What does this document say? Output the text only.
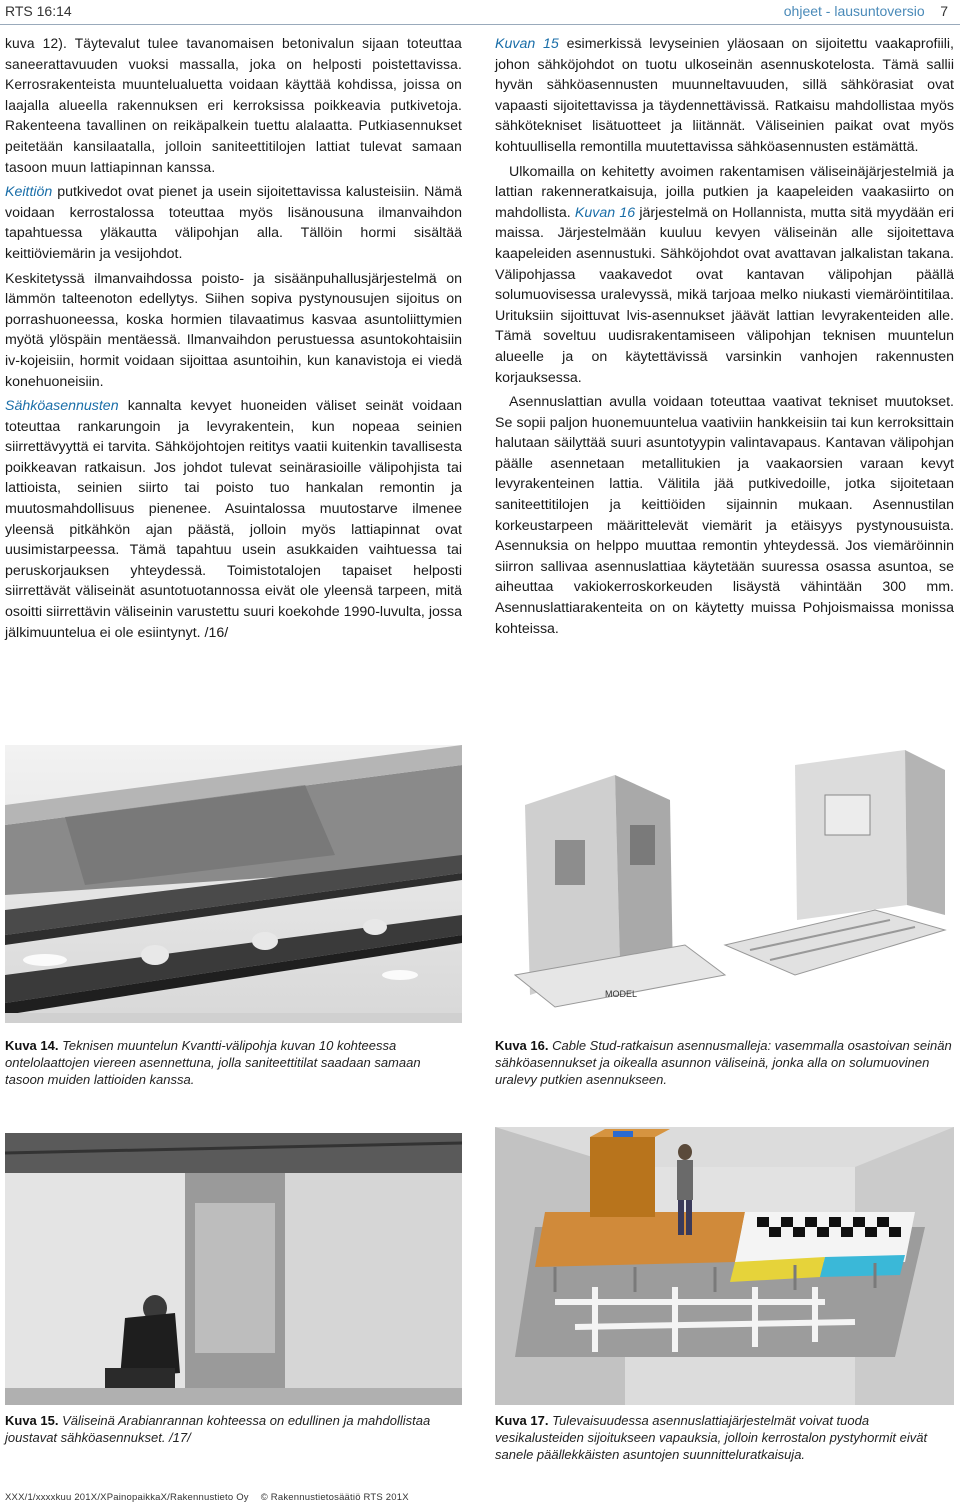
RTS 16:14	ohjeet - lausuntoversio 7

kuva 12). Täytevalut tulee tavanomaisen betonivalun sijaan toteuttaa saneerattavuuden vuoksi massalla, joka on helposti poistettavissa. Kerrosrakenteista muuntelualuetta voidaan käyttää kohdissa, joissa on laajalla alueella rakennuksen eri kerroksissa poikkeavia putkivetoja. Rakenteena tavallinen on reikäpalkein tuettu alalaatta. Putkiasennukset peitetään kansilaatalla, jolloin saniteettitilojen lattiat tulevat samaan tasoon muun lattiapinnan kanssa.

Keittiön putkivedot ovat pienet ja usein sijoitettavissa kalusteisiin. Nämä voidaan kerrostalossa toteuttaa myös lisänousuna ilmanvaihdon tapahtuessa yläkautta välipohjan alla. Tällöin hormi sisältää keittiöviemärin ja vesijohdot.

Keskitetyssä ilmanvaihdossa poisto- ja sisäänpuhallusjärjestelmä on lämmön talteenoton edellytys. Siihen sopiva pystynousujen sijoitus on porrashuoneessa, koska hormien tilavaatimus kasvaa asuntoliittymien myötä ylöspäin mentäessä. Ilmanvaihdon perustuessa asuntokohtaisiin iv-kojeisiin, hormit voidaan sijoittaa asuntoihin, kun kanavistoja ei viedä konehuoneisiin.

Sähköasennusten kannalta kevyet huoneiden väliset seinät voidaan toteuttaa rankarungoin ja levyrakentein, kun nopeaa seinien siirrettävyyttä ei tarvita. Sähköjohtojen reititys vaatii kuitenkin tavallisesta poikkeavan ratkaisun. Jos johdot tulevat seinärasioille välipohjista tai lattioista, seinien siirto tai poisto tuo hankalan remontin ja muutosmahdollisuus pienenee. Asuintalossa muutostarve ilmenee yleensä pitkähkön ajan päästä, jolloin myös lattiapinnat ovat uusimistarpeessa. Tämä tapahtuu usein asukkaiden vaihtuessa tai peruskorjauksen yhteydessä. Toimistotalojen tapaiset helposti siirrettävät väliseinät asuntotuotannossa eivät ole yleensä tarpeen, mitä osoitti siirrettävin väliseinin varustettu suuri koekohde 1990-luvulta, jossa jälkimuuntelua ei ole esiintynyt. /16/

Kuvan 15 esimerkissä levyseinien yläosaan on sijoitettu vaakaprofiili, johon sähköjohdot on tuotu ulkoseinän asennuskotelosta. Tämä sallii hyvän sähköasennusten muunneltavuuden, sillä sähkörasiat ovat vapaasti sijoitettavissa ja täydennettävissä. Ratkaisu mahdollistaa myös sähkötekniset lisätuotteet ja liitännät. Väliseinien paikat ovat myös kohtuullisella remontilla muutettavissa sähköasennusten estämättä.

Ulkomailla on kehitetty avoimen rakentamisen väliseinäjärjestelmiä ja lattian rakenneratkaisuja, joilla putkien ja kaapeleiden vaakasiirto on mahdollista. Kuvan 16 järjestelmä on Hollannista, mutta sitä myydään eri maissa. Järjestelmään kuuluu kevyen väliseinän alle sijoitettava kaapeleiden asennustuki. Sähköjohdot ovat avattavan jalkalistan takana. Välipohjassa vaakavedot ovat kantavan välipohjan päällä solumuovisessa uralevyssä, mikä tarjoaa melko niukasti viemäröintitilaa. Urituksiin sijoittuvat lvis-asennukset jäävät lattian levyrakenteiden alle. Tämä soveltuu uudisrakentamiseen välipohjan teknisen muuntelun alueelle ja on käytettävissä varsinkin vanhojen rakennusten korjauksessa.

Asennuslattian avulla voidaan toteuttaa vaativat tekniset muutokset. Se sopii paljon huonemuuntelua vaativiin hankkeisiin tai kun kerroksittain halutaan säilyttää suuri asuntotyypin valintavapaus. Kantavan välipohjan päälle asennetaan metallitukien ja vaakaorsien varaan kevyt levyrakenteinen lattia. Välitila jää putkivedoille, jotka sijoitetaan saniteettitilojen ja keittiöiden sijainnin mukaan. Asennustilan korkeustarpeen määrittelevät viemärit ja etäisyys pystynousuista. Asennuksia on helppo muuttaa remontin yhteydessä. Jos viemäröinnin siirron sallivaa asennuslattiaa käytetään suuressa osassa asuntoa, se aiheuttaa vakiokerroskorkeuden lisäystä vähintään 300 mm. Asennuslattiarakenteita on on käytetty muissa Pohjoismaissa monissa kohteissa.

MODEL
Kuva 14. Teknisen muuntelun Kvantti-välipohja kuvan 10 kohteessa ontelolaattojen viereen asennettuna, jolla saniteettitilat saadaan samaan tasoon muiden lattioiden kanssa.
Kuva 16. Cable Stud-ratkaisun asennusmalleja: vasemmalla osastoivan seinän sähköasennukset ja oikealla asunnon väliseinä, jonka alla on solumuovinen uralevy putkien asennukseen.
Kuva 15. Väliseinä Arabianrannan kohteessa on edullinen ja mahdollistaa joustavat sähköasennukset. /17/
Kuva 17. Tulevaisuudessa asennuslattiajärjestelmät voivat tuoda vesikalusteiden sijoitukseen vapauksia, jolloin kerrostalon pystyhormit eivät sanele päällekkäisten asuntojen suunnitteluratkaisuja.
XXX/1/xxxxkuu 201X/XPainopaikkaX/Rakennustieto Oy © Rakennustietosäätiö RTS 201X
